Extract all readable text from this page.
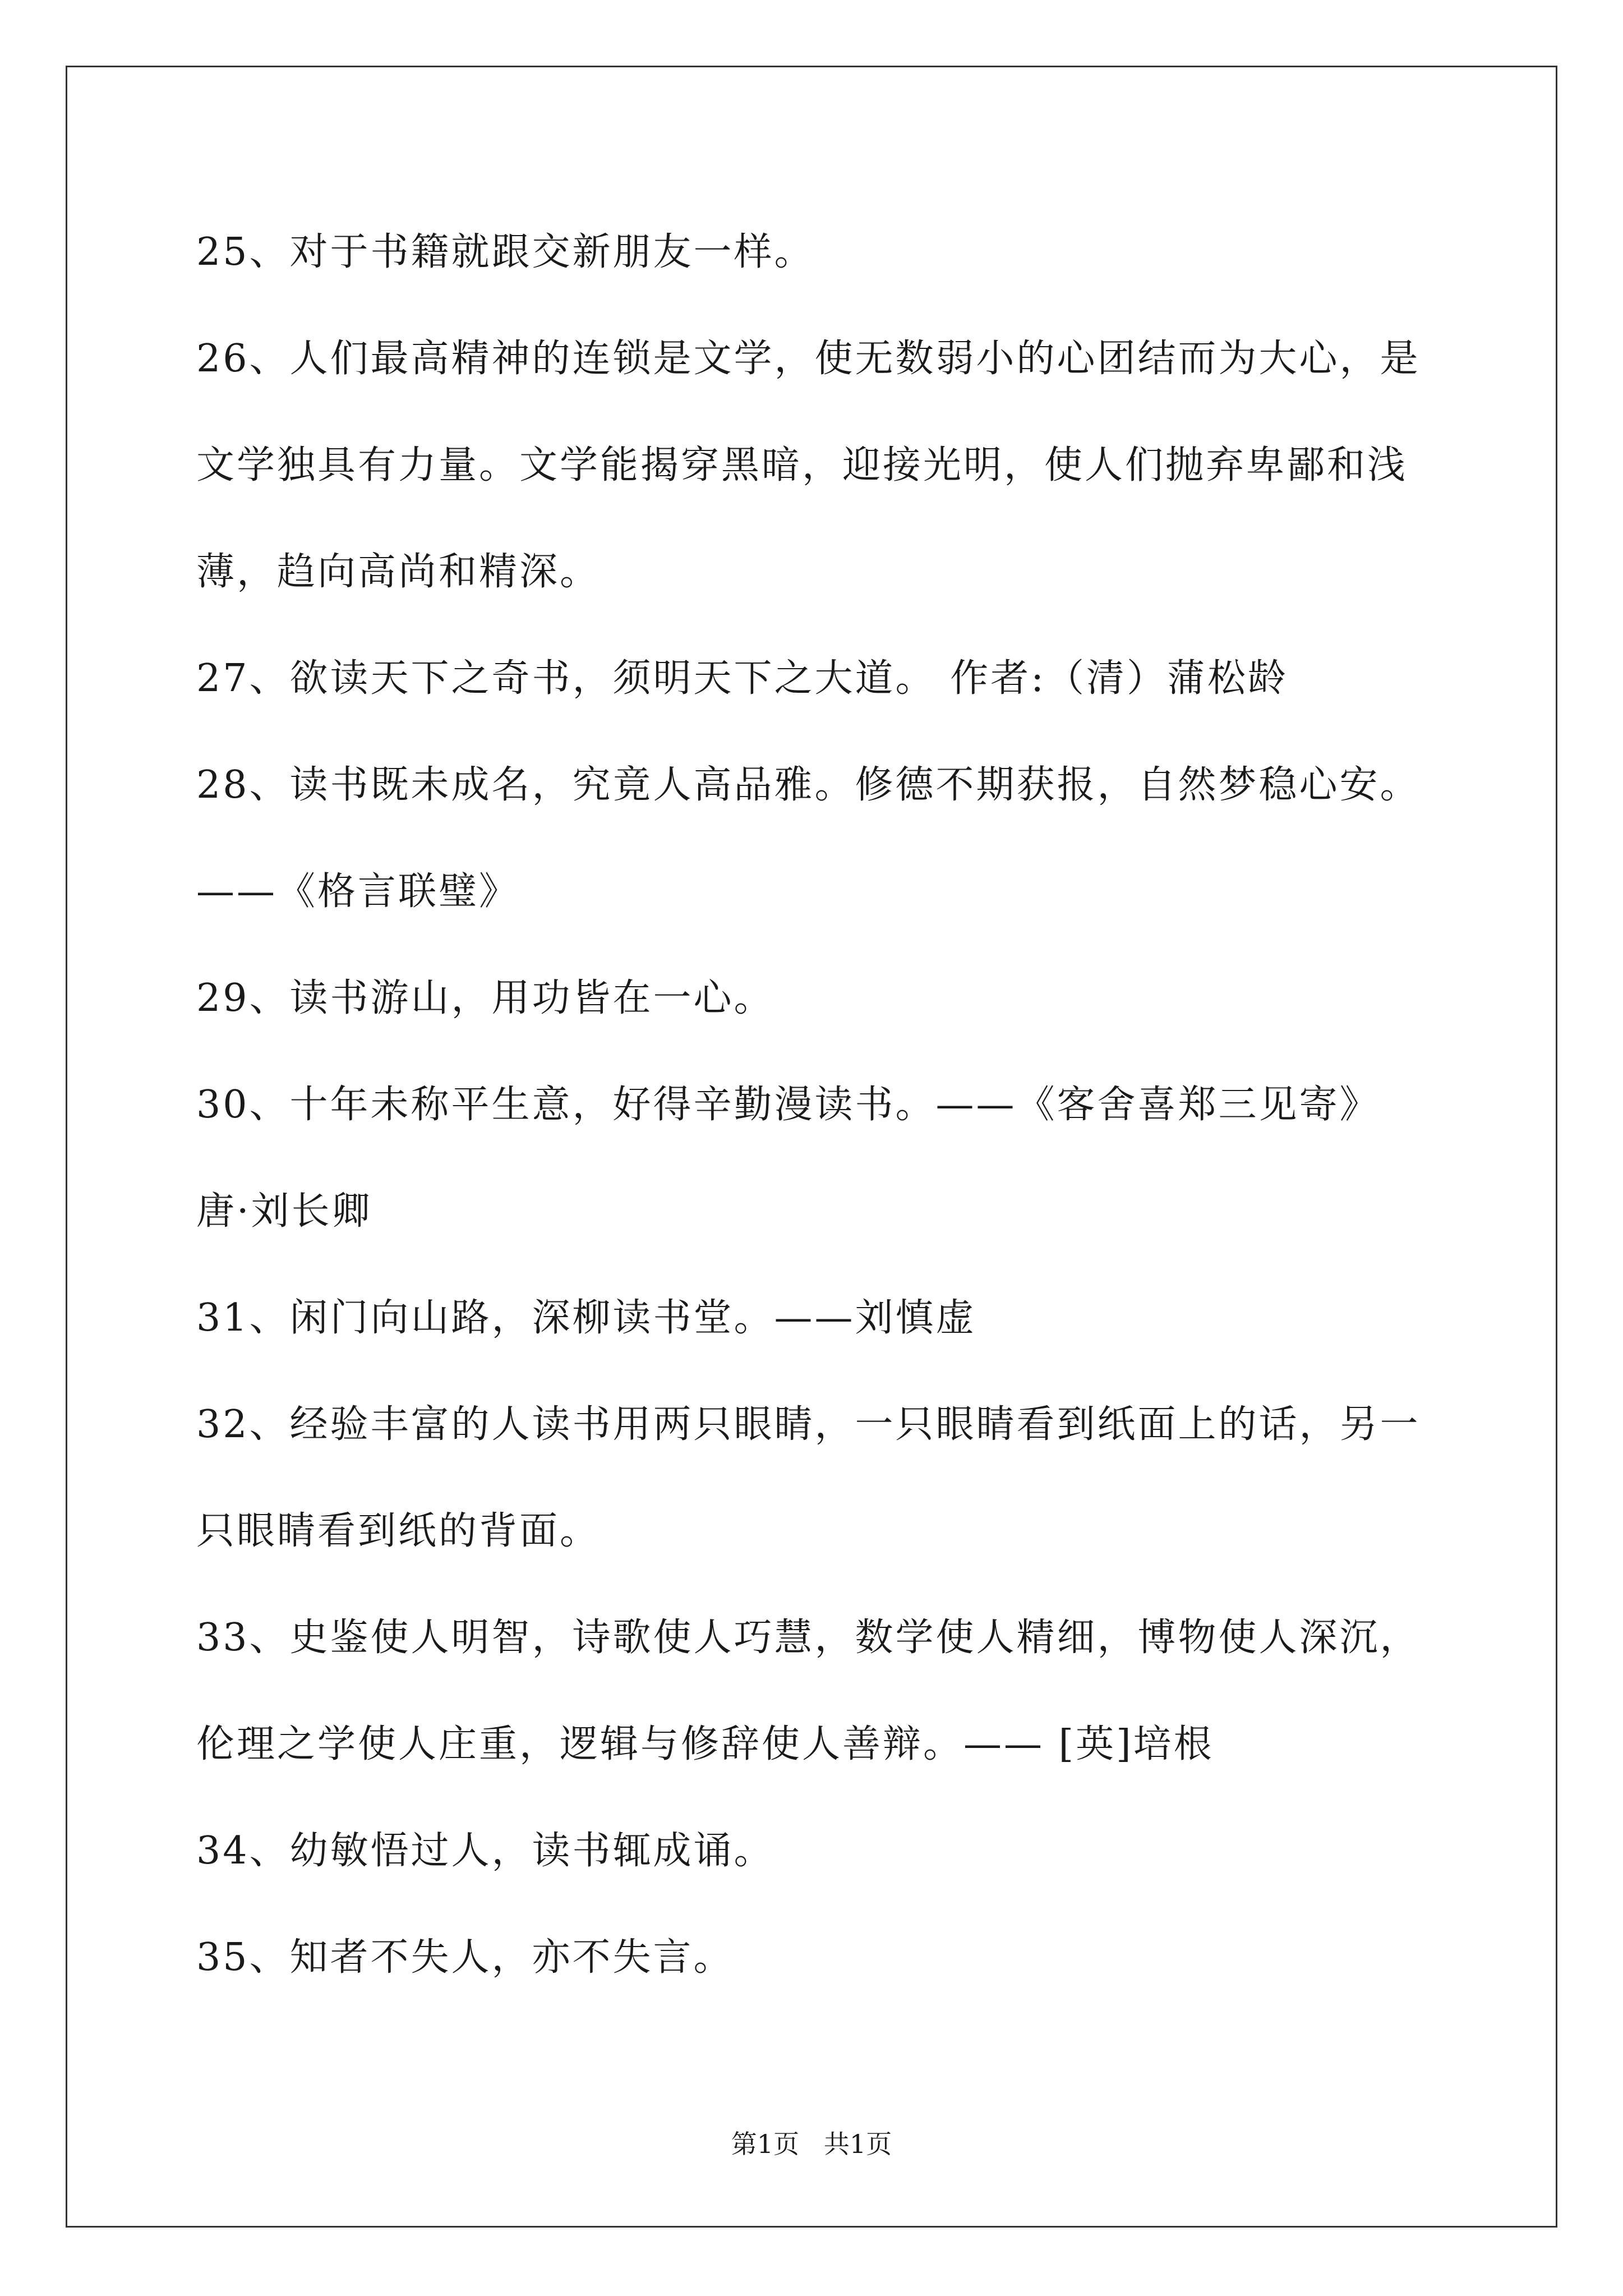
25、对于书籍就跟交新朋友一样。
26、人们最高精神的连锁是文学，使无数弱小的心团结而为大心，是
文学独具有力量。文学能揭穿黑暗，迎接光明，使人们抛弃卑鄙和浅
薄，趋向高尚和精深。
27、欲读天下之奇书，须明天下之大道。 作者:（清）蒲松龄
28、读书既未成名，究竟人高品雅。修德不期获报，自然梦稳心安。
——《格言联璧》
29、读书游山，用功皆在一心。
30、十年未称平生意，好得辛勤漫读书。——《客舍喜郑三见寄》
唐·刘长卿
31、闲门向山路，深柳读书堂。——刘慎虚
32、经验丰富的人读书用两只眼睛，一只眼睛看到纸面上的话，另一
只眼睛看到纸的背面。
33、史鉴使人明智，诗歌使人巧慧，数学使人精细，博物使人深沉，
伦理之学使人庄重，逻辑与修辞使人善辩。—— [英]培根
34、幼敏悟过人，读书辄成诵。
35、知者不失人，亦不失言。
第1页   共1页
